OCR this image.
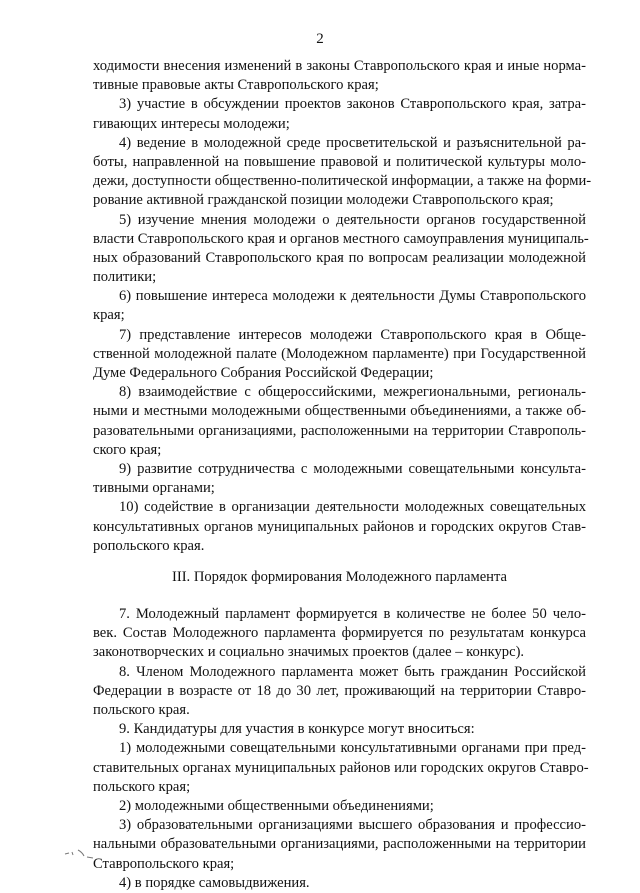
2
ходимости внесения изменений в законы Ставропольского края и иные норма-
тивные правовые акты Ставропольского края;
3) участие в обсуждении проектов законов Ставропольского края, затра-
гивающих интересы молодежи;
4) ведение в молодежной среде просветительской и разъяснительной ра-
боты, направленной на повышение правовой и политической культуры моло-
дежи, доступности общественно-политической информации, а также на форми-
рование активной гражданской позиции молодежи Ставропольского края;
5) изучение мнения молодежи о деятельности органов государственной
власти Ставропольского края и органов местного самоуправления муниципаль-
ных образований Ставропольского края по вопросам реализации молодежной
политики;
6) повышение интереса молодежи к деятельности Думы Ставропольского
края;
7) представление интересов молодежи Ставропольского края в Обще-
ственной молодежной палате (Молодежном парламенте) при Государственной
Думе Федерального Собрания Российской Федерации;
8) взаимодействие с общероссийскими, межрегиональными, региональ-
ными и местными молодежными общественными объединениями, а также об-
разовательными организациями, расположенными на территории Ставрополь-
ского края;
9) развитие сотрудничества с молодежными совещательными консульта-
тивными органами;
10) содействие в организации деятельности молодежных совещательных
консультативных органов муниципальных районов и городских округов Став-
ропольского края.
III. Порядок формирования Молодежного парламента
7. Молодежный парламент формируется в количестве не более 50 чело-
век. Состав Молодежного парламента формируется по результатам конкурса
законотворческих и социально значимых проектов (далее – конкурс).
8. Членом Молодежного парламента может быть гражданин Российской
Федерации в возрасте от 18 до 30 лет, проживающий на территории Ставро-
польского края.
9. Кандидатуры для участия в конкурсе могут вноситься:
1) молодежными совещательными консультативными органами при пред-
ставительных органах муниципальных районов или городских округов Ставро-
польского края;
2) молодежными общественными объединениями;
3) образовательными организациями высшего образования и профессио-
нальными образовательными организациями, расположенными на территории
Ставропольского края;
4) в порядке самовыдвижения.
